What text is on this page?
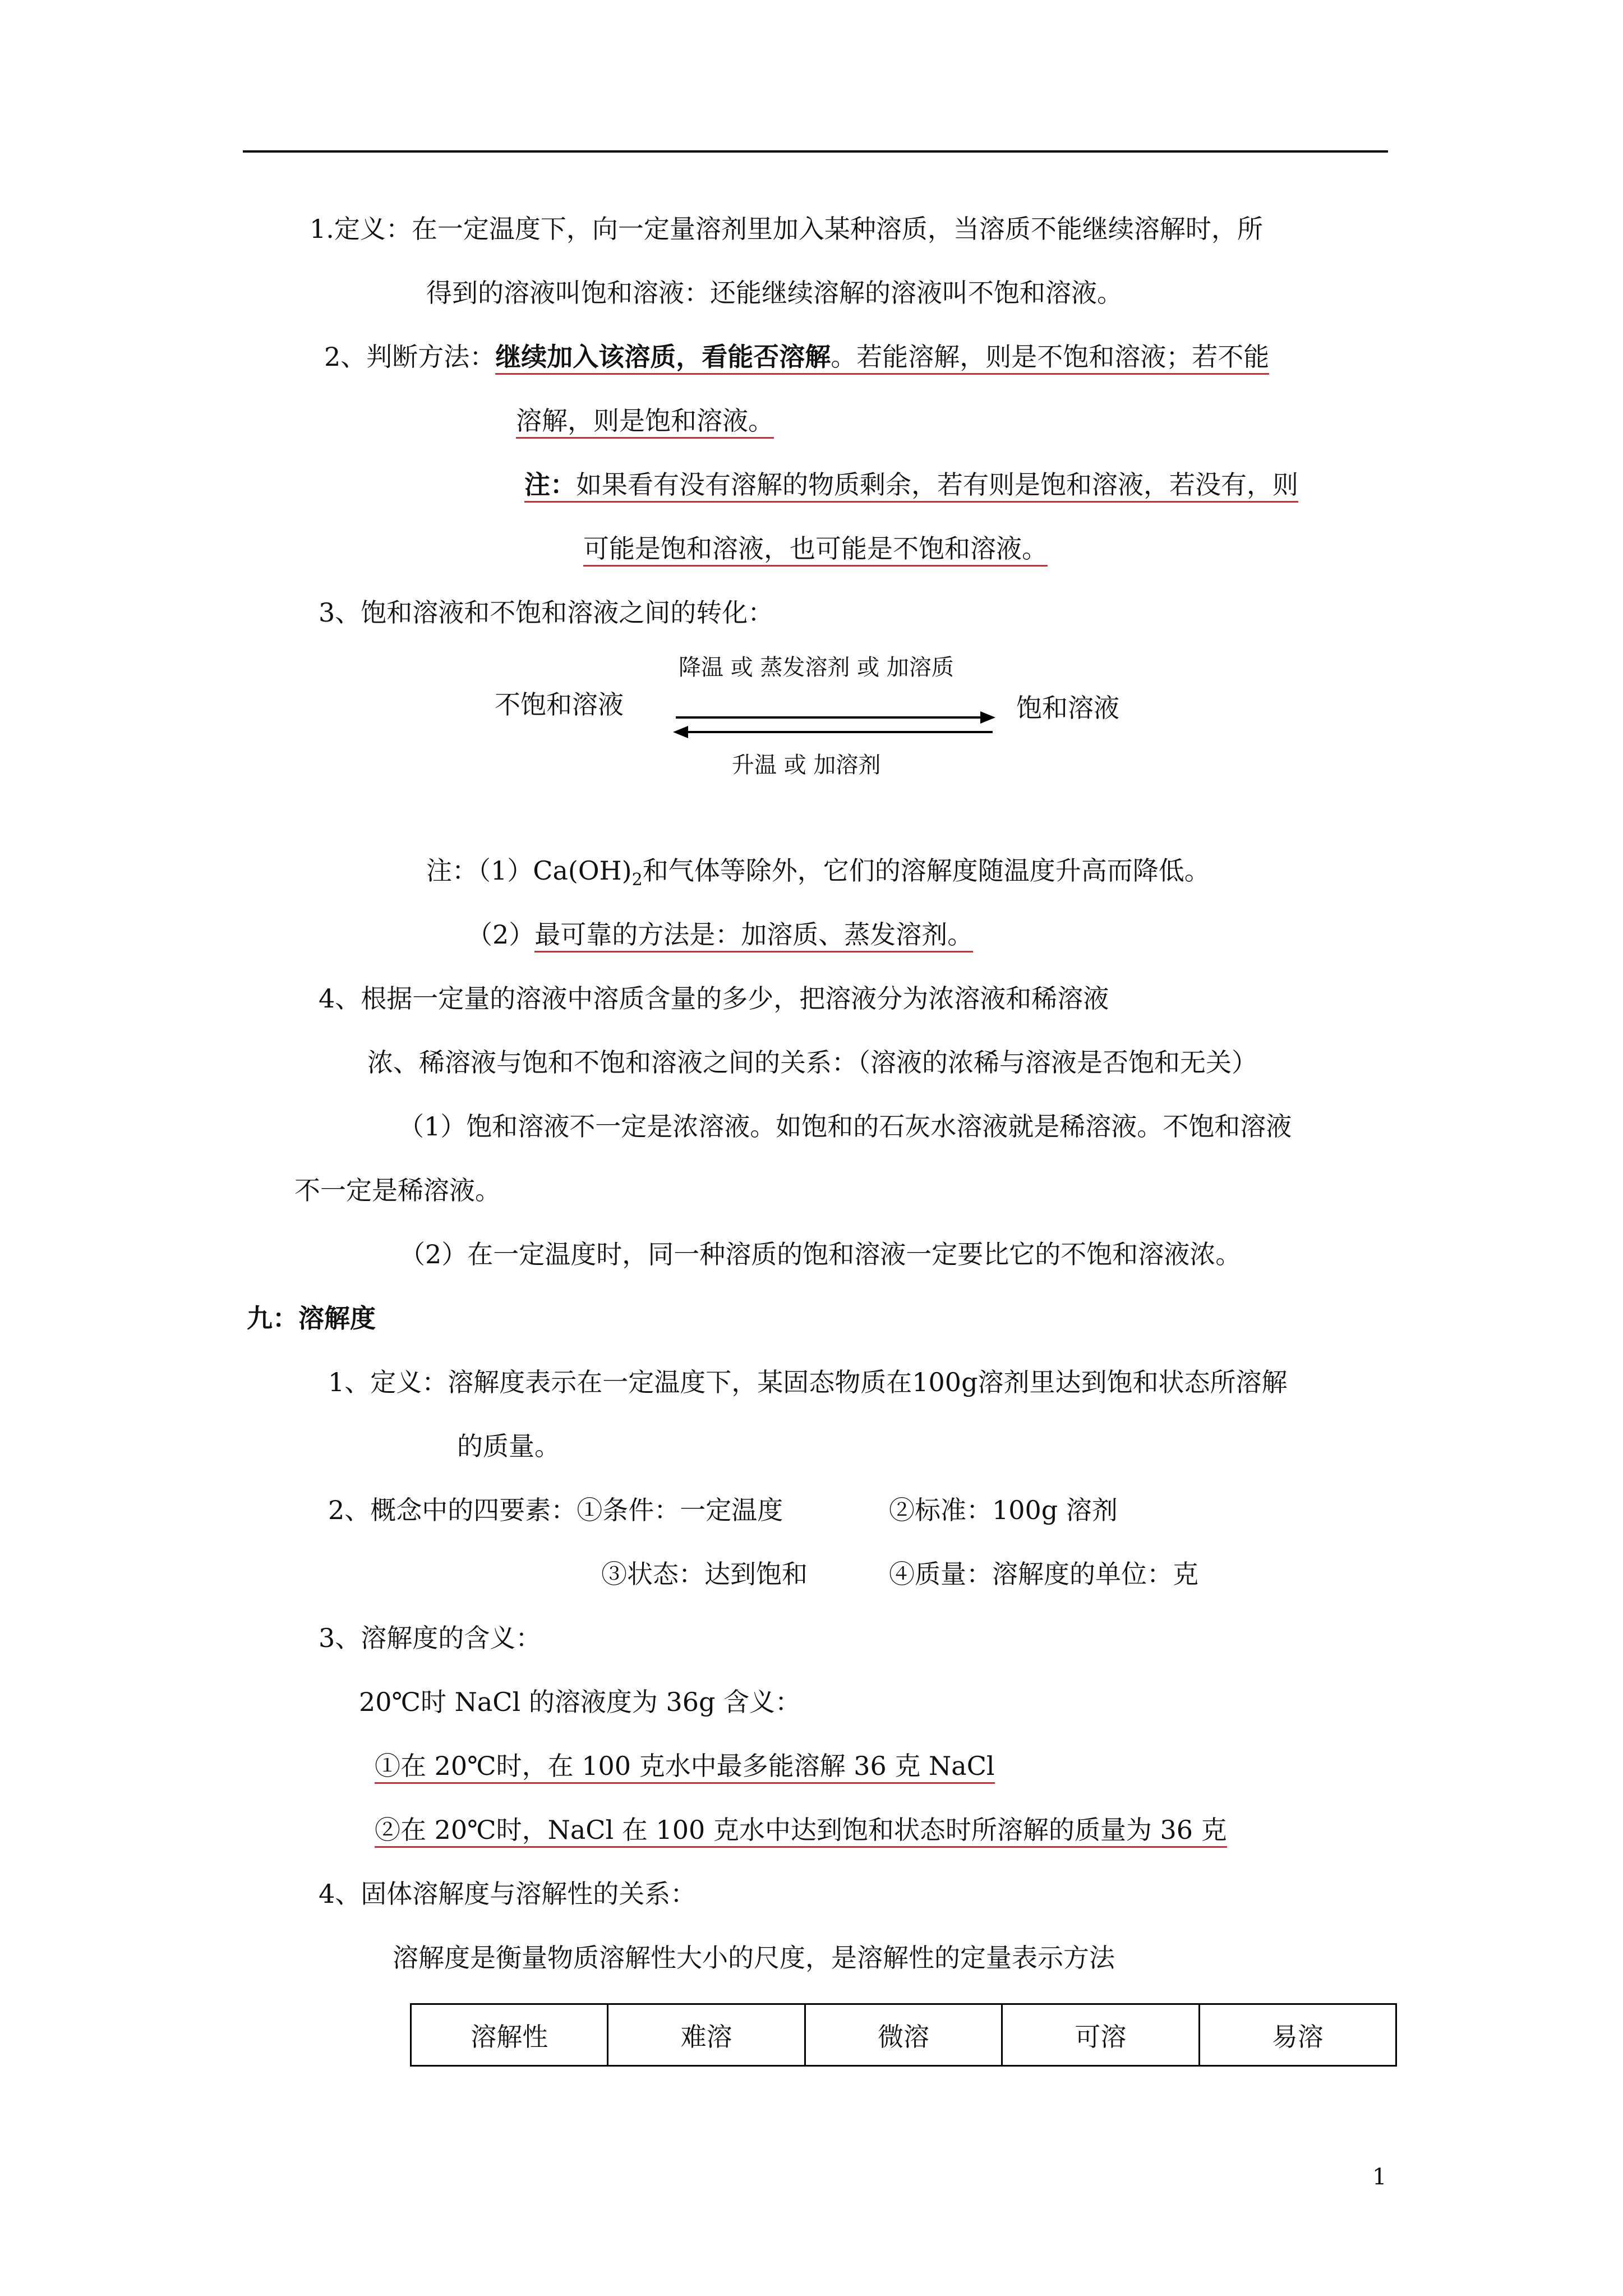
1.定义：在一定温度下，向一定量溶剂里加入某种溶质，当溶质不能继续溶解时，所
得到的溶液叫饱和溶液：还能继续溶解的溶液叫不饱和溶液。
2、判断方法：继续加入该溶质，看能否溶解。若能溶解，则是不饱和溶液；若不能
溶解，则是饱和溶液。
注：如果看有没有溶解的物质剩余，若有则是饱和溶液，若没有，则
可能是饱和溶液，也可能是不饱和溶液。
3、饱和溶液和不饱和溶液之间的转化：
降温 或 蒸发溶剂 或 加溶质
不饱和溶液	饱和溶液
升温 或 加溶剂
注：$(1)Ca(OH)_2$和气体等除外，它们的溶解度随温度升高而降低。
（2）最可靠的方法是：加溶质、蒸发溶剂。
4、根据一定量的溶液中溶质含量的多少，把溶液分为浓溶液和稀溶液
浓、稀溶液与饱和不饱和溶液之间的关系：（溶液的浓稀与溶液是否饱和无关）
（1）饱和溶液不一定是浓溶液。如饱和的石灰水溶液就是稀溶液。不饱和溶液
不一定是稀溶液。
（2）在一定温度时，同一种溶质的饱和溶液一定要比它的不饱和溶液浓。
九：溶解度
1、定义：溶解度表示在一定温度下，某固态物质在100g溶剂里达到饱和状态所溶解
的质量。
2、概念中的四要素：①条件：一定温度	②标准：100g 溶剂
③状态：达到饱和	④质量：溶解度的单位：克
3、溶解度的含义：
20℃时 NaCl 的溶液度为 36g 含义：
①在 20℃时，在 100 克水中最多能溶解 36 克 NaCl
②在 20℃时，NaCl 在 100 克水中达到饱和状态时所溶解的质量为 36 克
4、固体溶解度与溶解性的关系：
溶解度是衡量物质溶解性大小的尺度，是溶解性的定量表示方法
溶解性	难溶	微溶	可溶	易溶
1
